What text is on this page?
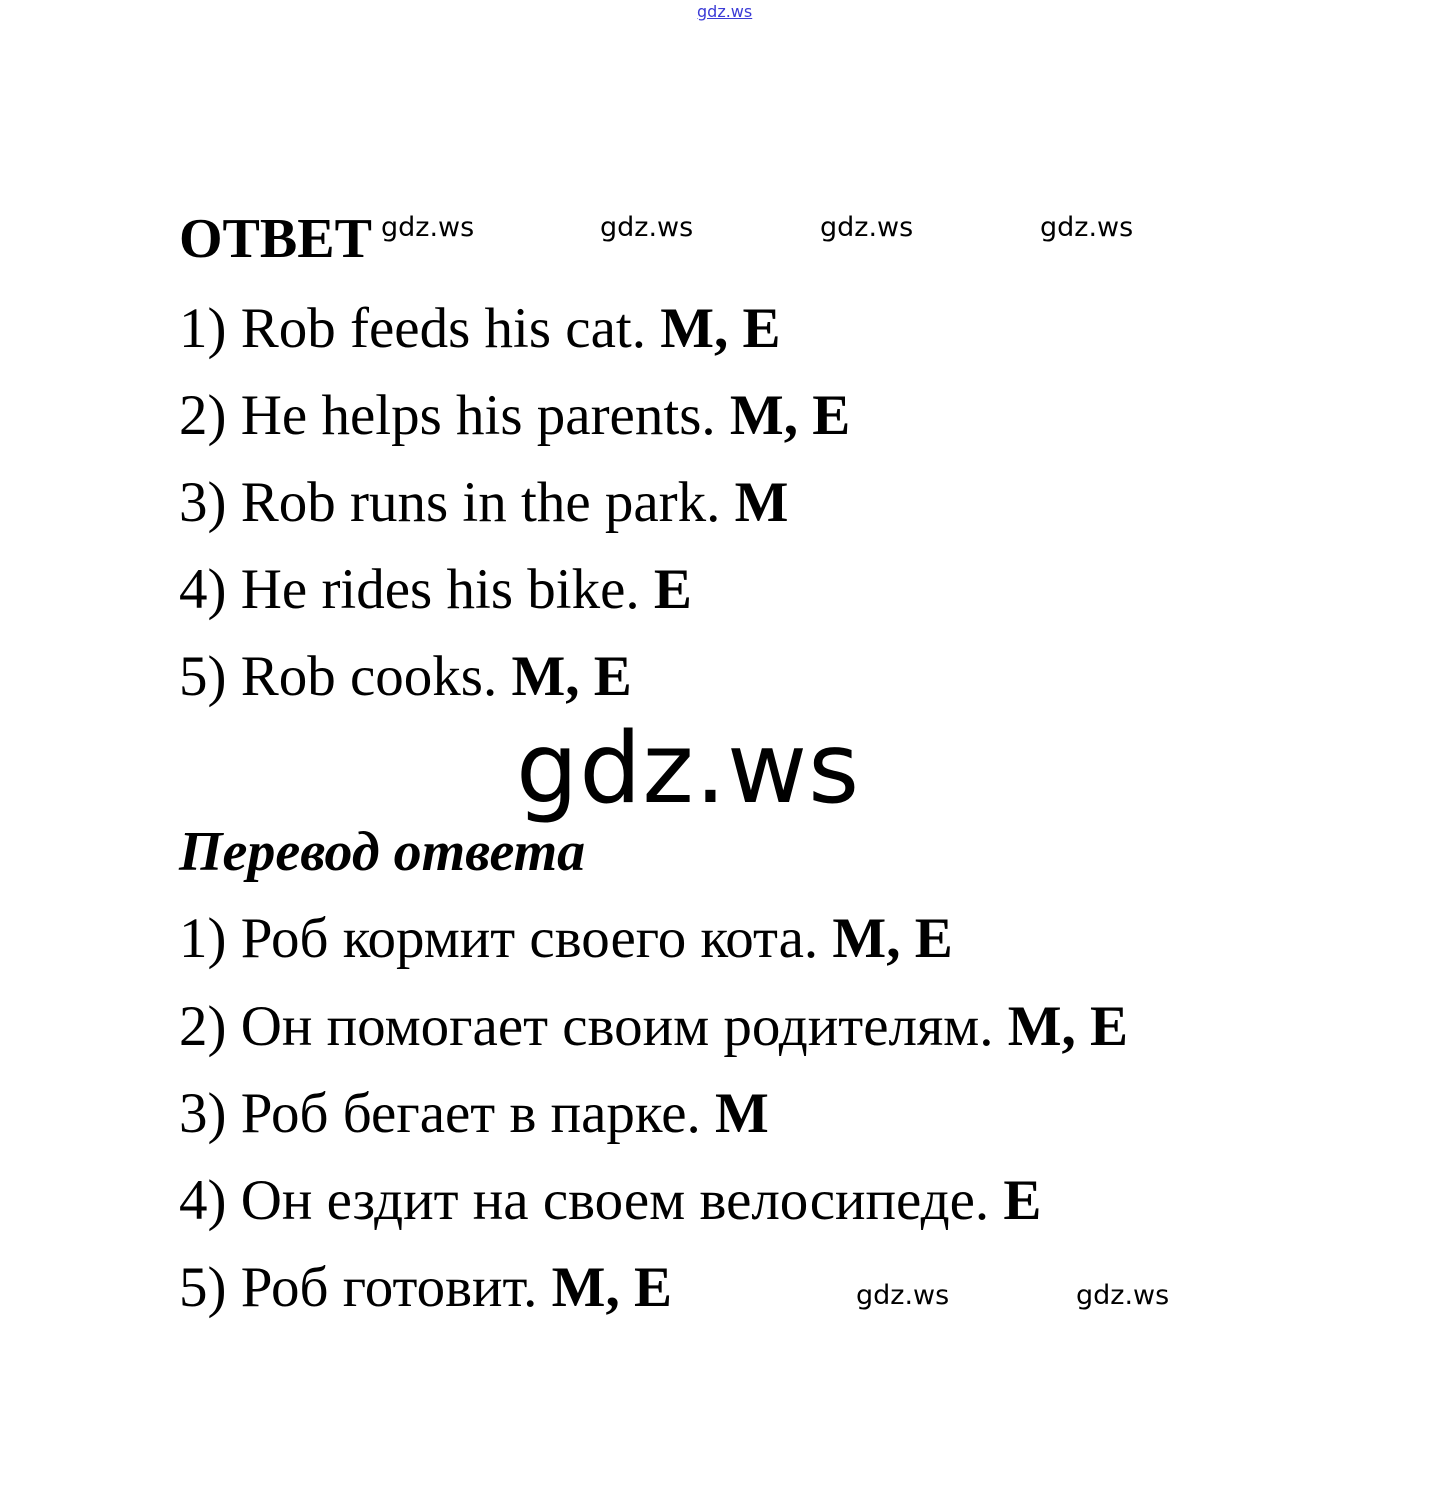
gdz.ws
ОТВЕТ gdz.ws	gdz.ws	gdz.ws	gdz.ws
1) Rob feeds his cat. M, E
2) He helps his parents. M, E
3) Rob runs in the park. M
4) He rides his bike. E
5) Rob cooks. M, E
gdz.ws
Перевод ответа
1) Роб кормит своего кота. M, E
2) Он помогает своим родителям. M, E
3) Роб бегает в парке. M
4) Он ездит на своем велосипеде. E
5) Роб готовит. M, E	gdz.ws	gdz.ws
